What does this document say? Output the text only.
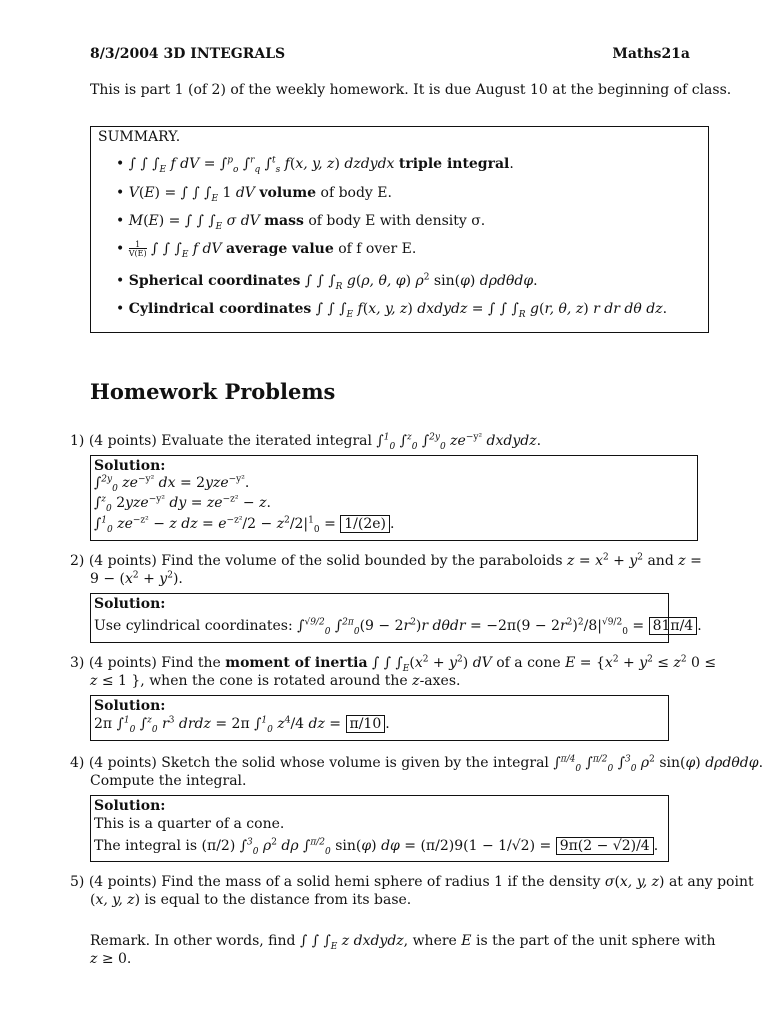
8/3/2004 3D INTEGRALS	Maths21a
This is part 1 (of 2) of the weekly homework. It is due August 10 at the beginning of class.
SUMMARY.
• ∫ ∫ $\int_E$ f dV = ∫$^p_o$ ∫$^r_q$ ∫$^t_s$ f(x, y, z) dzdydx triple integral.
• V(E) = ∫ ∫ $\int_E$ 1 dV volume of body E.
• M(E) = ∫ ∫ $\int_E$ σ dV mass of body E with density σ.
• 1
V(E) ∫ ∫ $\int_E$ f dV average value of f over E.
• Spherical coordinates ∫ ∫ $\int_R$ g(ρ, θ, φ) $\rho^2$ sin(φ) dρdθdφ.
• Cylindrical coordinates ∫ ∫ $\int_E$ f(x, y, z) dxdydz = ∫ ∫ $\int_R$ g(r, θ, z) r dr dθ dz.
Homework Problems
1) (4 points) Evaluate the iterated integral ∫$^1_0$ ∫$^z_0$ ∫$^{2y}_0$ $ze^{-y^2}$ dxdydz.
Solution:
∫$^{2y}_0$ $ze^{-y^2}$ dx = 2yze$^{-y^2}$.
∫$^z_0$ 2yze$^{-y^2}$ dy = $ze^{-z^2} - z$.
∫$^1_0$ $ze^{-z^2} - z$ dz = $e^{-z^2}/2 - z^2/2|^1_0 = 1/(2e)$ .
2) (4 points) Find the volume of the solid bounded by the paraboloids $z = x^2 + y^2$ and z =
$9 - (x^2 + y^2)$.
Solution:
Use cylindrical coordinates: ∫$^{√9/2}_0$ $\int^{2\pi}_0(9 - 2r^2)r$ $d\theta dr = -2\pi(9 - 2r^2)^2/8|^{√9/2}_0 = 81\pi/4$ .
3) (4 points) Find the moment of inertia ∫ ∫ $\int_E(x^2 + y^2)$ dV of a cone $E = \{x^2 + y^2 \le z^2$ 0 ≤
z ≤ 1 }, when the cone is rotated around the z-axes.
Solution:
2π ∫$^1_0$ ∫$^z_0$ $r^3$ drdz = 2π ∫$^1_0$ $z^4/4$ dz = π/10 .
4) (4 points) Sketch the solid whose volume is given by the integral ∫$^{\pi/4}_0$ ∫$^{\pi/2}_0$ ∫$^3_0$ $\rho^2$ sin(φ) dρdθdφ.
Compute the integral.
Solution:
This is a quarter of a cone.
The integral is (π/2) ∫$^3_0$ $\rho^2$ dρ ∫$^{\pi/2}_0$ sin(φ) dφ = (π/2)9(1 − 1/√2) = 9π(2 − √2)/4 .
5) (4 points) Find the mass of a solid hemi sphere of radius 1 if the density σ(x, y, z) at any point
(x, y, z) is equal to the distance from its base.
Remark. In other words, find ∫ ∫ $\int_E$ z dxdydz, where E is the part of the unit sphere with
z ≥ 0.
